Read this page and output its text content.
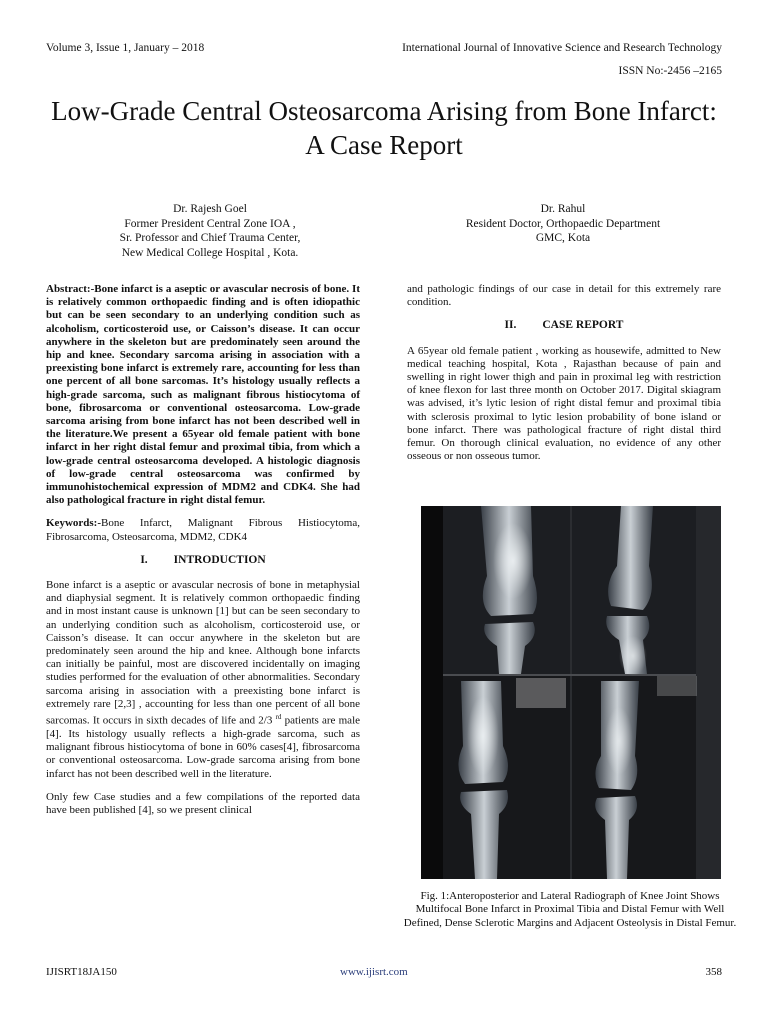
Volume 3, Issue 1, January – 2018	International Journal of Innovative Science and Research Technology
ISSN No:-2456 –2165
Low-Grade Central Osteosarcoma Arising from Bone Infarct: A Case Report
Dr. Rajesh Goel
Former President Central Zone IOA ,
Sr. Professor and Chief Trauma Center,
New Medical College Hospital , Kota.
Dr. Rahul
Resident Doctor, Orthopaedic Department
GMC, Kota

Abstract:-Bone infarct is a aseptic or avascular necrosis of bone. It is relatively common orthopaedic finding and is often idiopathic but can be seen secondary to an underlying condition such as alcoholism, corticosteroid use, or Caisson’s disease. It can occur anywhere in the skeleton but are predominately seen around the hip and knee. Secondary sarcoma arising in association with a preexisting bone infarct is extremely rare, accounting for less than one percent of all bone sarcomas. It’s histology usually reflects a high-grade sarcoma, such as malignant fibrous histiocytoma of bone, fibrosarcoma or conventional osteosarcoma. Low-grade sarcoma arising from bone infarct has not been described well in the literature.We present a 65year old female patient with bone infarct in her right distal femur and proximal tibia, from which a low-grade central osteosarcoma developed. A histologic diagnosis of low-grade central osteosarcoma was confirmed by immunohistochemical expression of MDM2 and CDK4. She had also pathological fracture in right distal femur.

Keywords:-Bone Infarct, Malignant Fibrous Histiocytoma, Fibrosarcoma, Osteosarcoma, MDM2, CDK4

I. INTRODUCTION

Bone infarct is a aseptic or avascular necrosis of bone in metaphysial and diaphysial segment. It is relatively common orthopaedic finding and in most instant cause is unknown [1] but can be seen secondary to an underlying condition such as alcoholism, corticosteroid use, or Caisson’s disease. It can occur anywhere in the skeleton but are predominately seen around the hip and knee. Although bone infarcts can initially be painful, most are discovered incidentally on imaging studies performed for the evaluation of other abnormalities. Secondary sarcoma arising in association with a preexisting bone infarct is extremely rare [2,3] , accounting for less than one percent of all bone sarcomas. It occurs in sixth decades of life and 2/3 $^{rd}$ patients are male [4]. Its histology usually reflects a high-grade sarcoma, such as malignant fibrous histiocytoma of bone in 60% cases[4], fibrosarcoma or conventional osteosarcoma. Low-grade sarcoma arising from bone infarct has not been described well in the literature.

Only few Case studies and a few compilations of the reported data have been published [4], so we present clinical

and pathologic findings of our case in detail for this extremely rare condition.

II. CASE REPORT

A 65year old female patient , working as housewife, admitted to New medical teaching hospital, Kota , Rajasthan because of pain and swelling in right lower thigh and pain in proximal leg with restriction of knee flexon for last three month on October 2017. Digital skiagram was advised, it’s lytic lesion of right distal femur and proximal tibia with sclerosis proximal to lytic lesion probability of bone island or bone infarct. There was pathological fracture of right distal third femur. On thorough clinical evaluation, no evidence of any other osseous or non osseous tumor.

Fig. 1:Anteroposterior and Lateral Radiograph of Knee Joint Shows Multifocal Bone Infarct in Proximal Tibia and Distal Femur with Well Defined, Dense Sclerotic Margins and Adjacent Osteolysis in Distal Femur.
IJISRT18JA150	www.ijisrt.com	358
